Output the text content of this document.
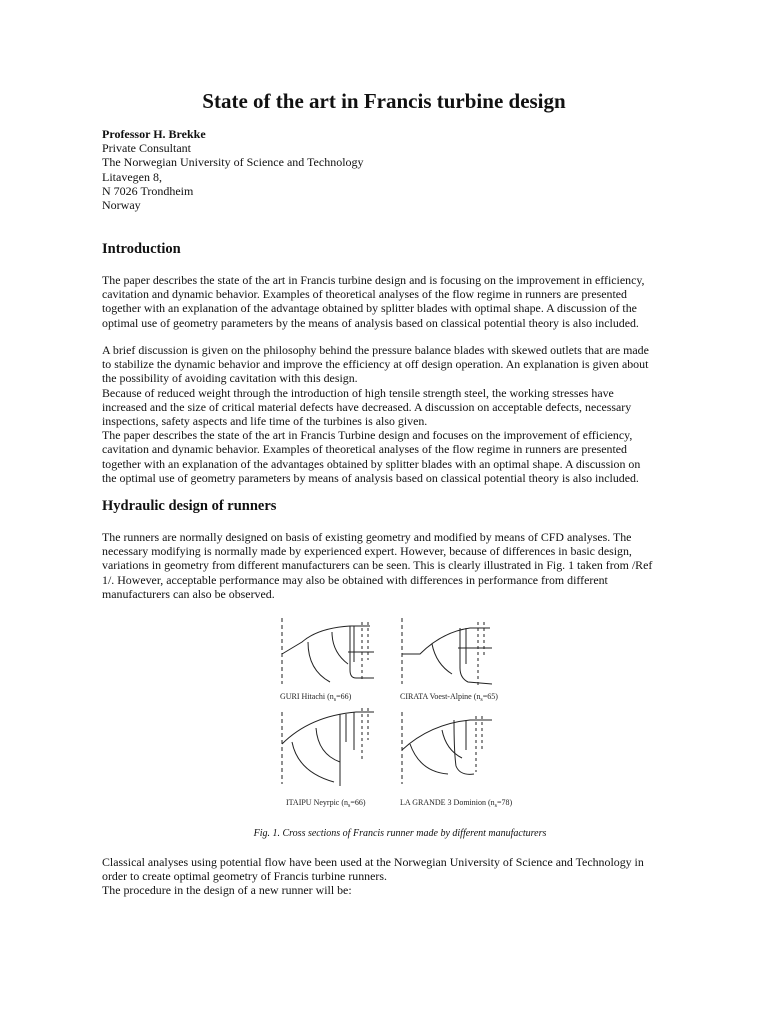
State of the art in Francis turbine design
Professor H. Brekke
Private Consultant
The Norwegian University of Science and Technology
Litavegen 8,
N 7026 Trondheim
Norway
Introduction
The paper describes the state of the art in Francis turbine design and is focusing on the improvement in efficiency,
cavitation and dynamic behavior. Examples of theoretical analyses of the flow regime in runners are presented
together with an explanation of the advantage obtained by splitter blades with optimal shape. A discussion of the
optimal use of geometry parameters by the means of analysis based on classical potential theory is also included.
A brief discussion is given on the philosophy behind the pressure balance blades with skewed outlets that are made
to stabilize the dynamic behavior and improve the efficiency at off design operation. An explanation is given about
the possibility of avoiding cavitation with this design.
Because of reduced weight through the introduction of high tensile strength steel, the working stresses have
increased and the size of critical material defects have decreased. A discussion on acceptable defects, necessary
inspections, safety aspects and life time of the turbines is also given.
The paper describes the state of the art in Francis Turbine design and focuses on the improvement of efficiency,
cavitation and dynamic behavior. Examples of theoretical analyses of the flow regime in runners are presented
together with an explanation of the advantages obtained by splitter blades with an optimal shape. A discussion on
the optimal use of geometry parameters by means of analysis based on classical potential theory is also included.
Hydraulic design of runners
The runners are normally designed on basis of existing geometry and modified by means of CFD analyses. The
necessary modifying is normally made by experienced expert. However, because of differences in basic design,
variations in geometry from different manufacturers can be seen. This is clearly illustrated in Fig. 1 taken from /Ref
1/. However, acceptable performance may also be obtained with differences in performance from different
manufacturers can also be observed.
GURI Hitachi $(n_s=66)$	CIRATA Voest-Alpine $(n_s=65)$
ITAIPU Neyrpic $(n_s=66)$	LA GRANDE 3 Dominion $(n_s=78)$

Fig. 1. Cross sections of Francis runner made by different manufacturers

Classical analyses using potential flow have been used at the Norwegian University of Science and Technology in
order to create optimal geometry of Francis turbine runners.
The procedure in the design of a new runner will be:
